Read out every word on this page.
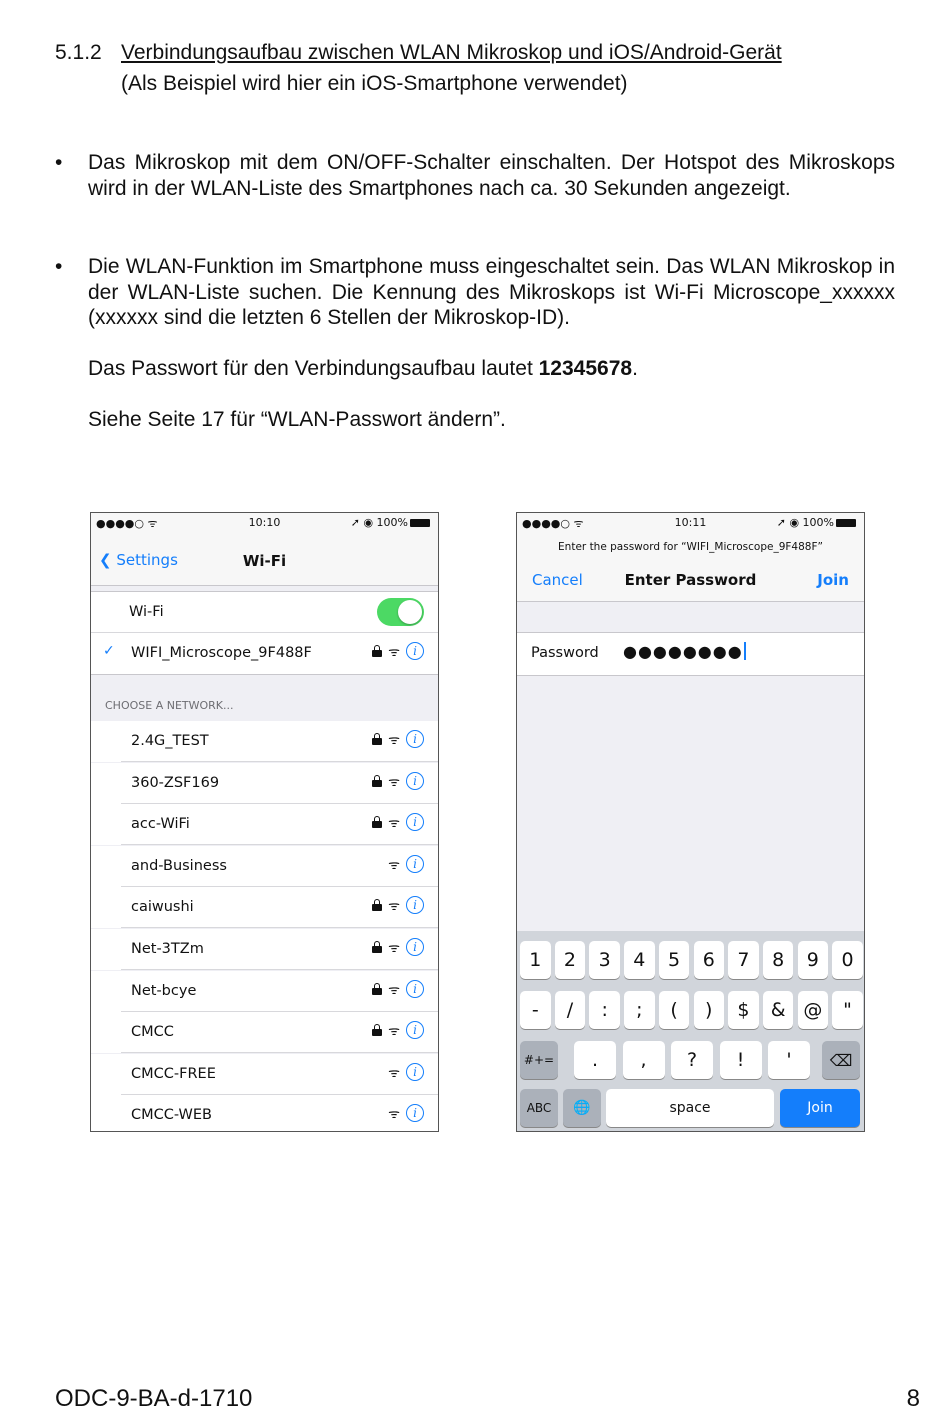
5.1.2 Verbindungsaufbau zwischen WLAN Mikroskop und iOS/Android-Gerät
(Als Beispiel wird hier ein iOS-Smartphone verwendet)
•	Das Mikroskop mit dem ON/OFF-Schalter einschalten. Der Hotspot des Mikroskops wird in der WLAN-Liste des Smartphones nach ca. 30 Sekunden angezeigt.
•	Die WLAN-Funktion im Smartphone muss eingeschaltet sein. Das WLAN Mikroskop in der WLAN-Liste suchen. Die Kennung des Mikroskops ist Wi-Fi Microscope_xxxxxx (xxxxxx sind die letzten 6 Stellen der Mikroskop-ID).
Das Passwort für den Verbindungsaufbau lautet 12345678.
Siehe Seite 17 für “WLAN-Passwort ändern”.
●●●●○ ᯤ	10:10	➚ ◉ 100%
❮ Settings	Wi-Fi
Wi-Fi
✓ WIFI_Microscope_9F488F	ᯤ	i
CHOOSE A NETWORK...
2.4G_TEST	ᯤ	i
360-ZSF169	ᯤ	i
acc-WiFi	ᯤ	i
and-Business	ᯤ	i
caiwushi	ᯤ	i
Net-3TZm	ᯤ	i
Net-bcye	ᯤ	i
CMCC	ᯤ	i
CMCC-FREE	ᯤ	i
CMCC-WEB	ᯤ	i
●●●●○ ᯤ	10:11	➚ ◉ 100%
Enter the password for “WIFI_Microscope_9F488F”
Cancel	Enter Password	Join
Password ●●●●●●●●
1	2	3	4	5	6	7	8	9	0
-	/	:	;	(	)	$	& @	"
#+=	.	,	?	!	'	⌫
ABC	🌐	space	Join
ODC-9-BA-d-1710	8
